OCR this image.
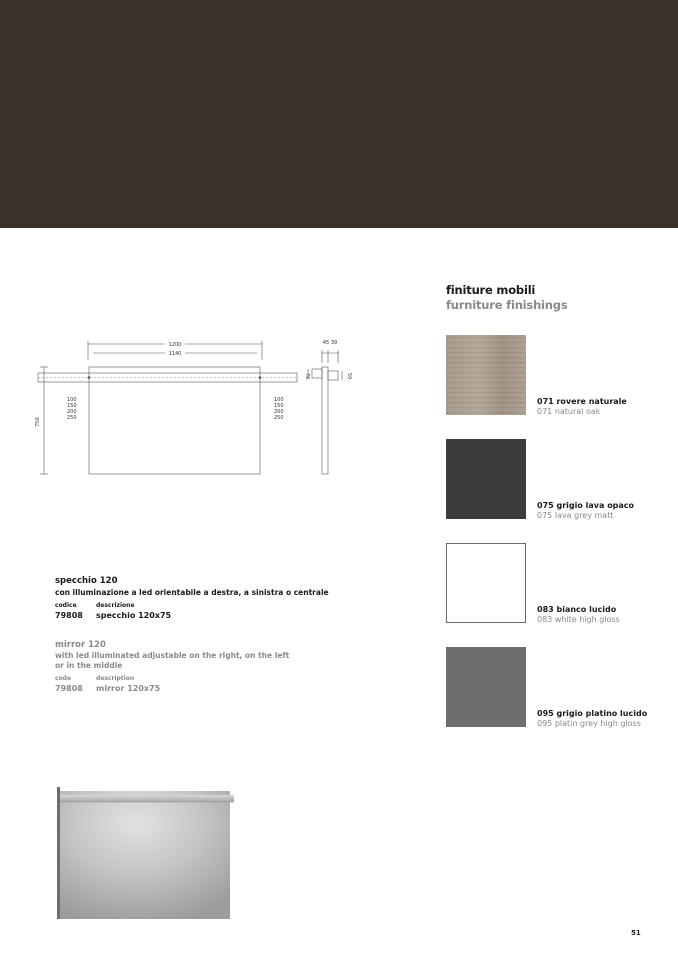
1200
1140
45 39
76	50
750
100
150
200
250
100
150
200
250
specchio 120
con illuminazione a led orientabile a destra, a sinistra o centrale
codice	descrizione
79808 specchio 120x75
mirror 120
with led illuminated adjustable on the right, on the left
or in the middle
code	description
79808 mirror 120x75
finiture mobili
furniture finishings
071 rovere naturale
071 natural oak
075 grigio lava opaco
075 lava grey matt
083 bianco lucido
083 white high gloss
095 grigio platino lucido
095 platin grey high gloss
51
